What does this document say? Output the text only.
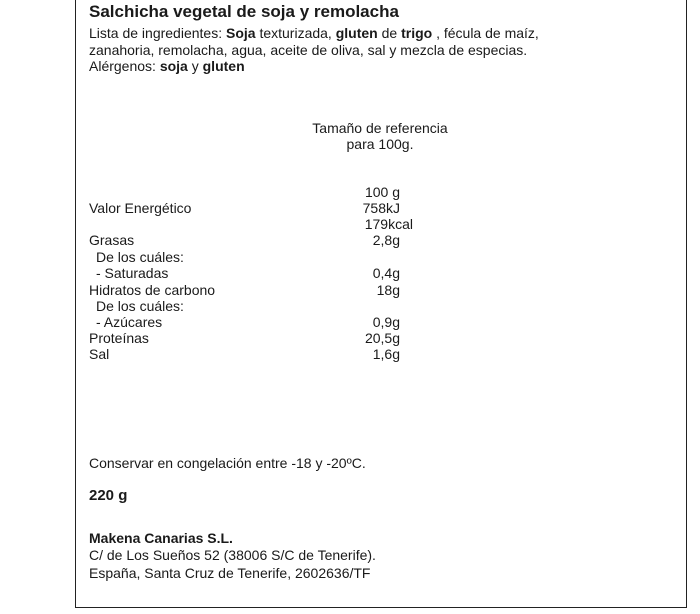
Salchicha vegetal de soja y remolacha
Lista de ingredientes: Soja texturizada, gluten de trigo , fécula de maíz,
zanahoria, remolacha, agua, aceite de oliva, sal y mezcla de especias.
Alérgenos: soja y gluten
Tamaño de referencia
para 100g.
100 g
Valor Energético	758kJ
179kcal
Grasas	2,8g
De los cuáles:
- Saturadas	0,4g
Hidratos de carbono	18g
De los cuáles:
- Azúcares	0,9g
Proteínas	20,5g
Sal	1,6g
Conservar en congelación entre -18 y -20ºC.
220 g
Makena Canarias S.L.
C/ de Los Sueños 52 (38006 S/C de Tenerife).
España, Santa Cruz de Tenerife, 2602636/TF
